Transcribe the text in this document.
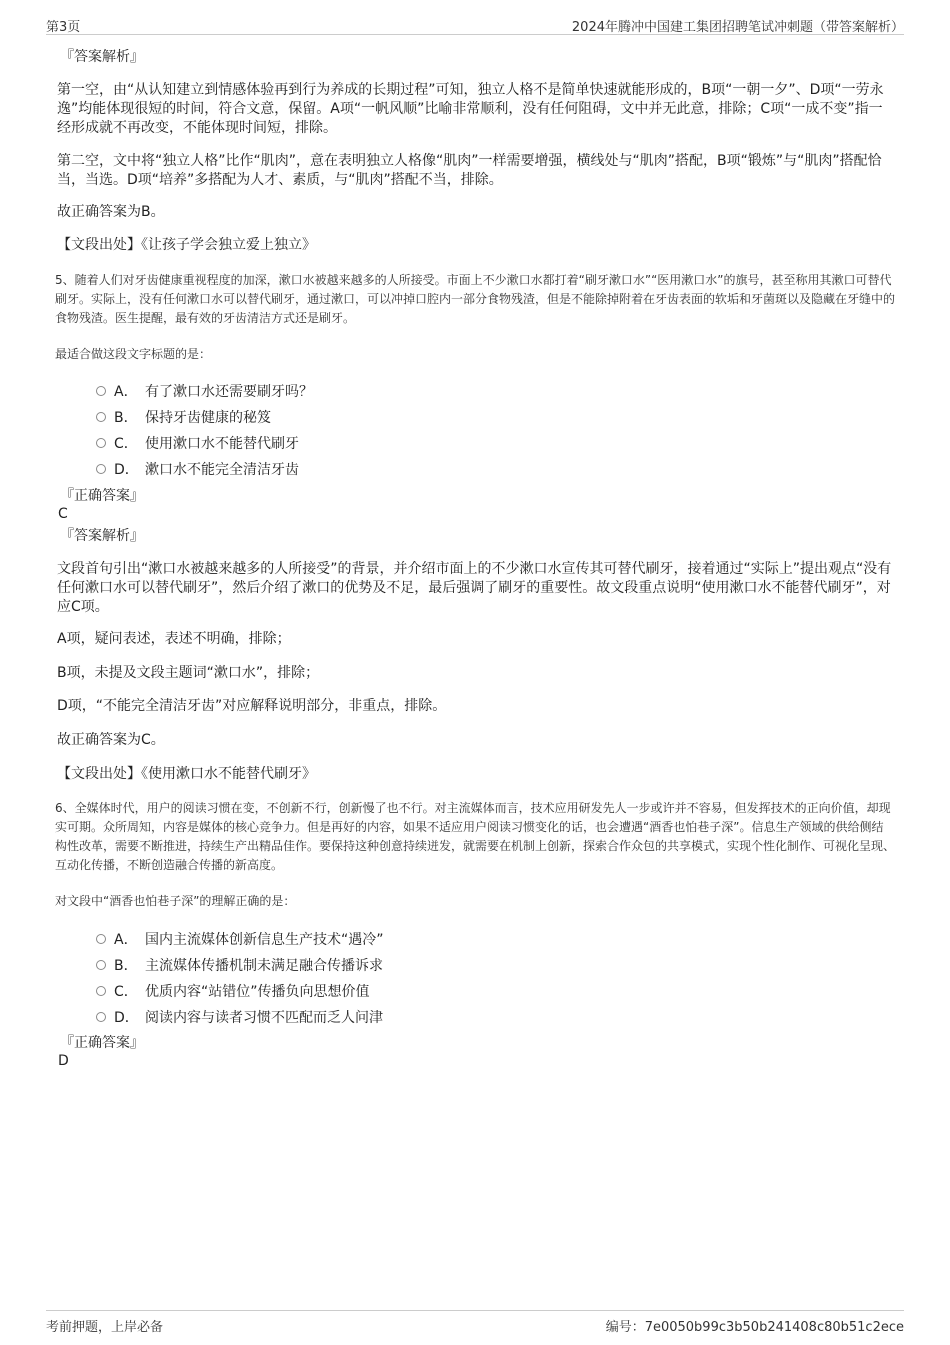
第3页	2024年腾冲中国建工集团招聘笔试冲刺题（带答案解析）
『答案解析』
第一空，由“从认知建立到情感体验再到行为养成的长期过程”可知，独立人格不是简单快速就能形成的，B项“一朝一夕”、D项“一劳永逸”均能体现很短的时间，符合文意，保留。A项“一帆风顺”比喻非常顺利，没有任何阻碍，文中并无此意，排除；C项“一成不变”指一经形成就不再改变，不能体现时间短，排除。
第二空，文中将“独立人格”比作“肌肉”，意在表明独立人格像“肌肉”一样需要增强，横线处与“肌肉”搭配，B项“锻炼”与“肌肉”搭配恰当，当选。D项“培养”多搭配为人才、素质，与“肌肉”搭配不当，排除。
故正确答案为B。
【文段出处】《让孩子学会独立爱上独立》
5、随着人们对牙齿健康重视程度的加深，漱口水被越来越多的人所接受。市面上不少漱口水都打着“刷牙漱口水”“医用漱口水”的旗号，甚至称用其漱口可替代刷牙。实际上，没有任何漱口水可以替代刷牙，通过漱口，可以冲掉口腔内一部分食物残渣，但是不能除掉附着在牙齿表面的软垢和牙菌斑以及隐藏在牙缝中的食物残渣。医生提醒，最有效的牙齿清洁方式还是刷牙。
最适合做这段文字标题的是：
A． 有了漱口水还需要刷牙吗？
B． 保持牙齿健康的秘笈
C． 使用漱口水不能替代刷牙
D． 漱口水不能完全清洁牙齿
『正确答案』
C
『答案解析』
文段首句引出“漱口水被越来越多的人所接受”的背景，并介绍市面上的不少漱口水宣传其可替代刷牙，接着通过“实际上”提出观点“没有任何漱口水可以替代刷牙”，然后介绍了漱口的优势及不足，最后强调了刷牙的重要性。故文段重点说明“使用漱口水不能替代刷牙”，对应C项。
A项，疑问表述，表述不明确，排除；
B项，未提及文段主题词“漱口水”，排除；
D项，“不能完全清洁牙齿”对应解释说明部分，非重点，排除。
故正确答案为C。
【文段出处】《使用漱口水不能替代刷牙》
6、全媒体时代，用户的阅读习惯在变，不创新不行，创新慢了也不行。对主流媒体而言，技术应用研发先人一步或许并不容易，但发挥技术的正向价值，却现实可期。众所周知，内容是媒体的核心竞争力。但是再好的内容，如果不适应用户阅读习惯变化的话，也会遭遇“酒香也怕巷子深”。信息生产领域的供给侧结构性改革，需要不断推进，持续生产出精品佳作。要保持这种创意持续迸发，就需要在机制上创新，探索合作众包的共享模式，实现个性化制作、可视化呈现、互动化传播，不断创造融合传播的新高度。
对文段中“酒香也怕巷子深”的理解正确的是：
A． 国内主流媒体创新信息生产技术“遇冷”
B． 主流媒体传播机制未满足融合传播诉求
C． 优质内容“站错位”传播负向思想价值
D． 阅读内容与读者习惯不匹配而乏人问津
『正确答案』
D
考前押题，上岸必备	编号：7e0050b99c3b50b241408c80b51c2ece
